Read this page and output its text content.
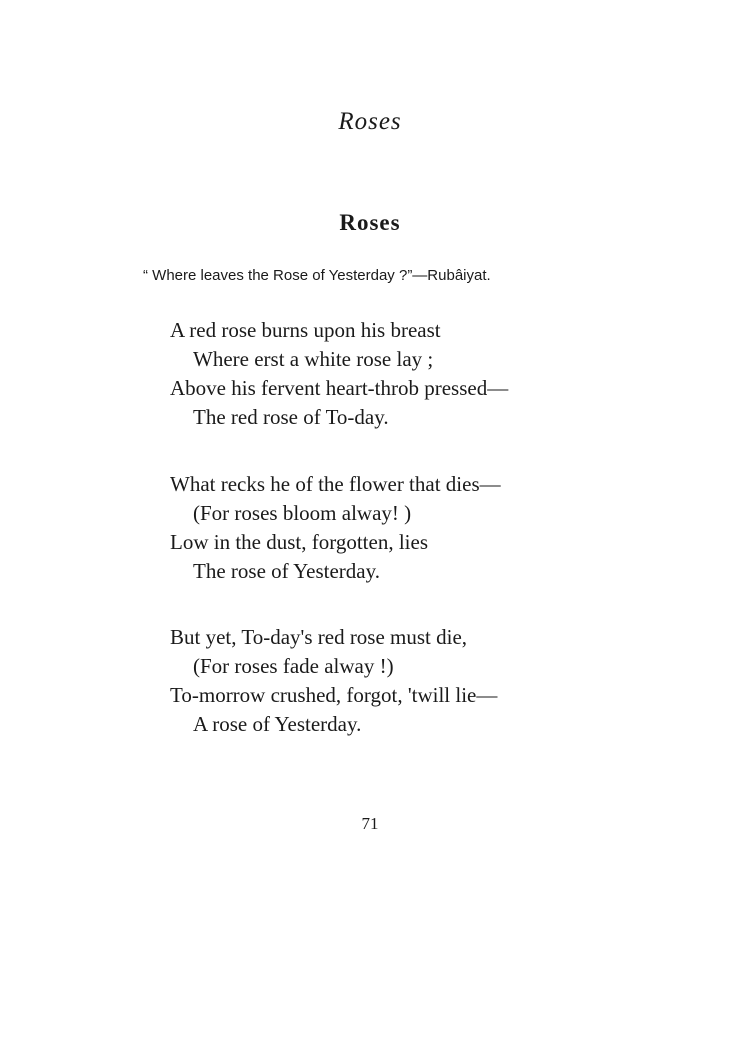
Roses
Roses
“ Where leaves the Rose of Yesterday ?”—Rubâiyat.
A red rose burns upon his breast
Where erst a white rose lay ;
Above his fervent heart-throb pressed—
The red rose of To-day.
What recks he of the flower that dies—
(For roses bloom alway! )
Low in the dust, forgotten, lies
The rose of Yesterday.
But yet, To-day's red rose must die,
(For roses fade alway !)
To-morrow crushed, forgot, 'twill lie—
A rose of Yesterday.
71
